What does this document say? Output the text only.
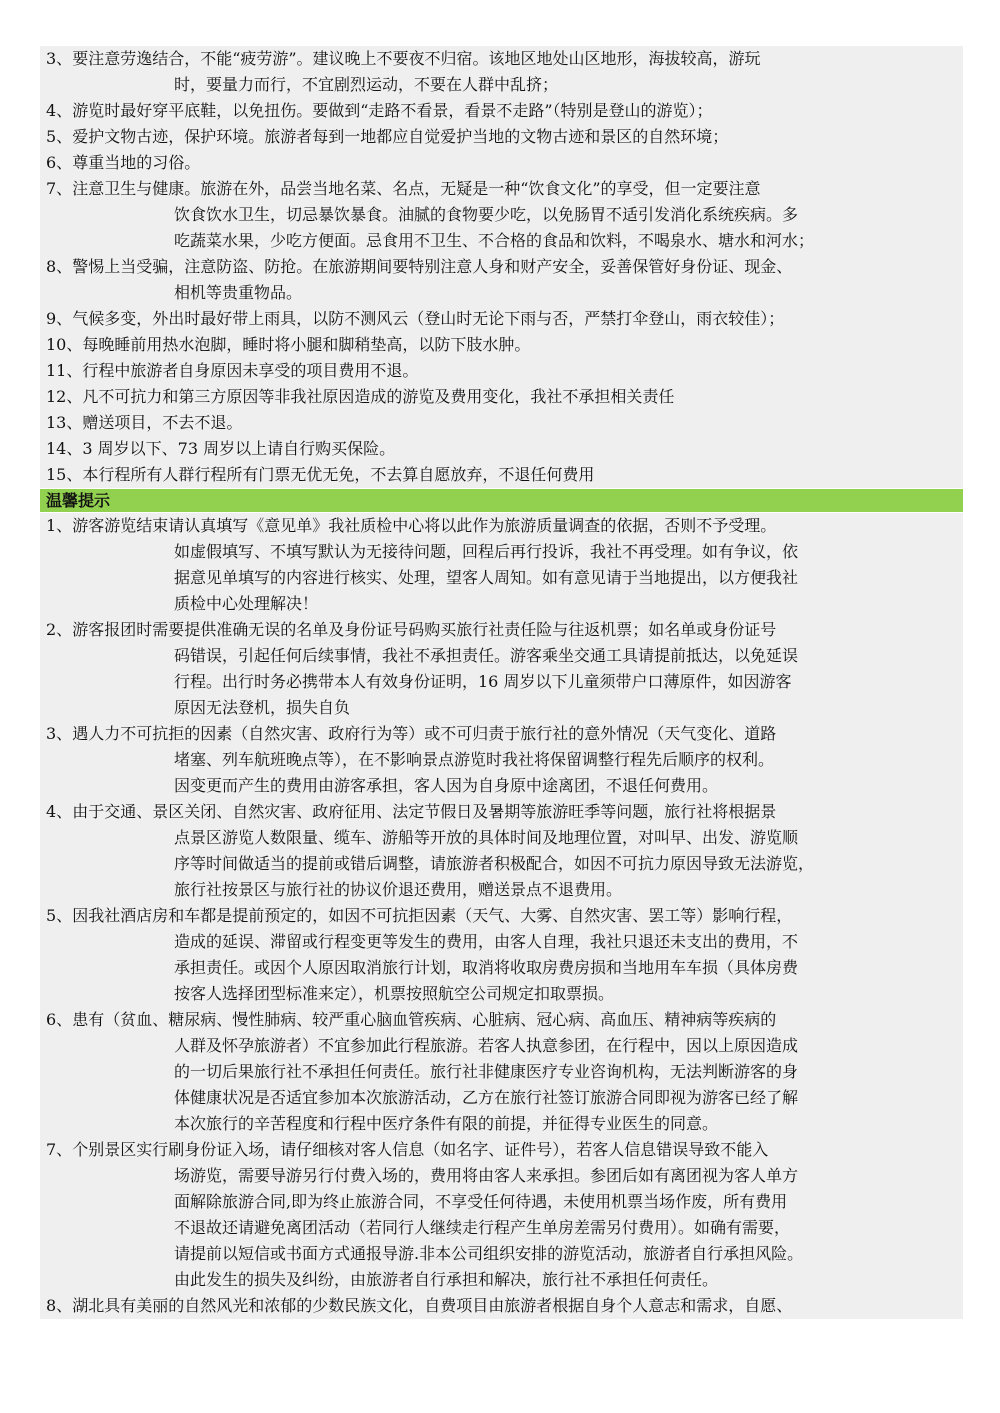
3、要注意劳逸结合，不能“疲劳游”。建议晚上不要夜不归宿。该地区地处山区地形，海拔较高，游玩
时，要量力而行，不宜剧烈运动，不要在人群中乱挤；
4、游览时最好穿平底鞋，以免扭伤。要做到“走路不看景，看景不走路”（特别是登山的游览）；
5、爱护文物古迹，保护环境。旅游者每到一地都应自觉爱护当地的文物古迹和景区的自然环境；
6、尊重当地的习俗。
7、注意卫生与健康。旅游在外，品尝当地名菜、名点，无疑是一种“饮食文化”的享受，但一定要注意
饮食饮水卫生，切忌暴饮暴食。油腻的食物要少吃，以免肠胃不适引发消化系统疾病。多
吃蔬菜水果，少吃方便面。忌食用不卫生、不合格的食品和饮料，不喝泉水、塘水和河水；
8、警惕上当受骗，注意防盗、防抢。在旅游期间要特别注意人身和财产安全，妥善保管好身份证、现金、
相机等贵重物品。
9、气候多变，外出时最好带上雨具，以防不测风云（登山时无论下雨与否，严禁打伞登山，雨衣较佳）；
10、每晚睡前用热水泡脚，睡时将小腿和脚稍垫高，以防下肢水肿。
11、行程中旅游者自身原因未享受的项目费用不退。
12、凡不可抗力和第三方原因等非我社原因造成的游览及费用变化，我社不承担相关责任
13、赠送项目，不去不退。
14、3 周岁以下、73 周岁以上请自行购买保险。
15、本行程所有人群行程所有门票无优无免，不去算自愿放弃，不退任何费用
温馨提示
1、游客游览结束请认真填写《意见单》我社质检中心将以此作为旅游质量调查的依据，否则不予受理。
如虚假填写、不填写默认为无接待问题，回程后再行投诉，我社不再受理。如有争议，依
据意见单填写的内容进行核实、处理，望客人周知。如有意见请于当地提出，以方便我社
质检中心处理解决！
2、游客报团时需要提供准确无误的名单及身份证号码购买旅行社责任险与往返机票；如名单或身份证号
码错误，引起任何后续事情，我社不承担责任。游客乘坐交通工具请提前抵达，以免延误
行程。出行时务必携带本人有效身份证明，16 周岁以下儿童须带户口薄原件，如因游客
原因无法登机，损失自负
3、遇人力不可抗拒的因素（自然灾害、政府行为等）或不可归责于旅行社的意外情况（天气变化、道路
堵塞、列车航班晚点等），在不影响景点游览时我社将保留调整行程先后顺序的权利。
因变更而产生的费用由游客承担，客人因为自身原中途离团，不退任何费用。
4、由于交通、景区关闭、自然灾害、政府征用、法定节假日及暑期等旅游旺季等问题，旅行社将根据景
点景区游览人数限量、缆车、游船等开放的具体时间及地理位置，对叫早、出发、游览顺
序等时间做适当的提前或错后调整，请旅游者积极配合，如因不可抗力原因导致无法游览，
旅行社按景区与旅行社的协议价退还费用，赠送景点不退费用。
5、因我社酒店房和车都是提前预定的，如因不可抗拒因素（天气、大雾、自然灾害、罢工等）影响行程，
造成的延误、滞留或行程变更等发生的费用，由客人自理，我社只退还未支出的费用，不
承担责任。或因个人原因取消旅行计划，取消将收取房费房损和当地用车车损（具体房费
按客人选择团型标准来定），机票按照航空公司规定扣取票损。
6、患有（贫血、糖尿病、慢性肺病、较严重心脑血管疾病、心脏病、冠心病、高血压、精神病等疾病的
人群及怀孕旅游者）不宜参加此行程旅游。若客人执意参团，在行程中，因以上原因造成
的一切后果旅行社不承担任何责任。旅行社非健康医疗专业咨询机构，无法判断游客的身
体健康状况是否适宜参加本次旅游活动，乙方在旅行社签订旅游合同即视为游客已经了解
本次旅行的辛苦程度和行程中医疗条件有限的前提，并征得专业医生的同意。
7、个别景区实行刷身份证入场，请仔细核对客人信息（如名字、证件号），若客人信息错误导致不能入
场游览，需要导游另行付费入场的，费用将由客人来承担。参团后如有离团视为客人单方
面解除旅游合同,即为终止旅游合同，不享受任何待遇，未使用机票当场作废，所有费用
不退故还请避免离团活动（若同行人继续走行程产生单房差需另付费用）。如确有需要，
请提前以短信或书面方式通报导游.非本公司组织安排的游览活动，旅游者自行承担风险。
由此发生的损失及纠纷，由旅游者自行承担和解决，旅行社不承担任何责任。
8、湖北具有美丽的自然风光和浓郁的少数民族文化，自费项目由旅游者根据自身个人意志和需求，自愿、
